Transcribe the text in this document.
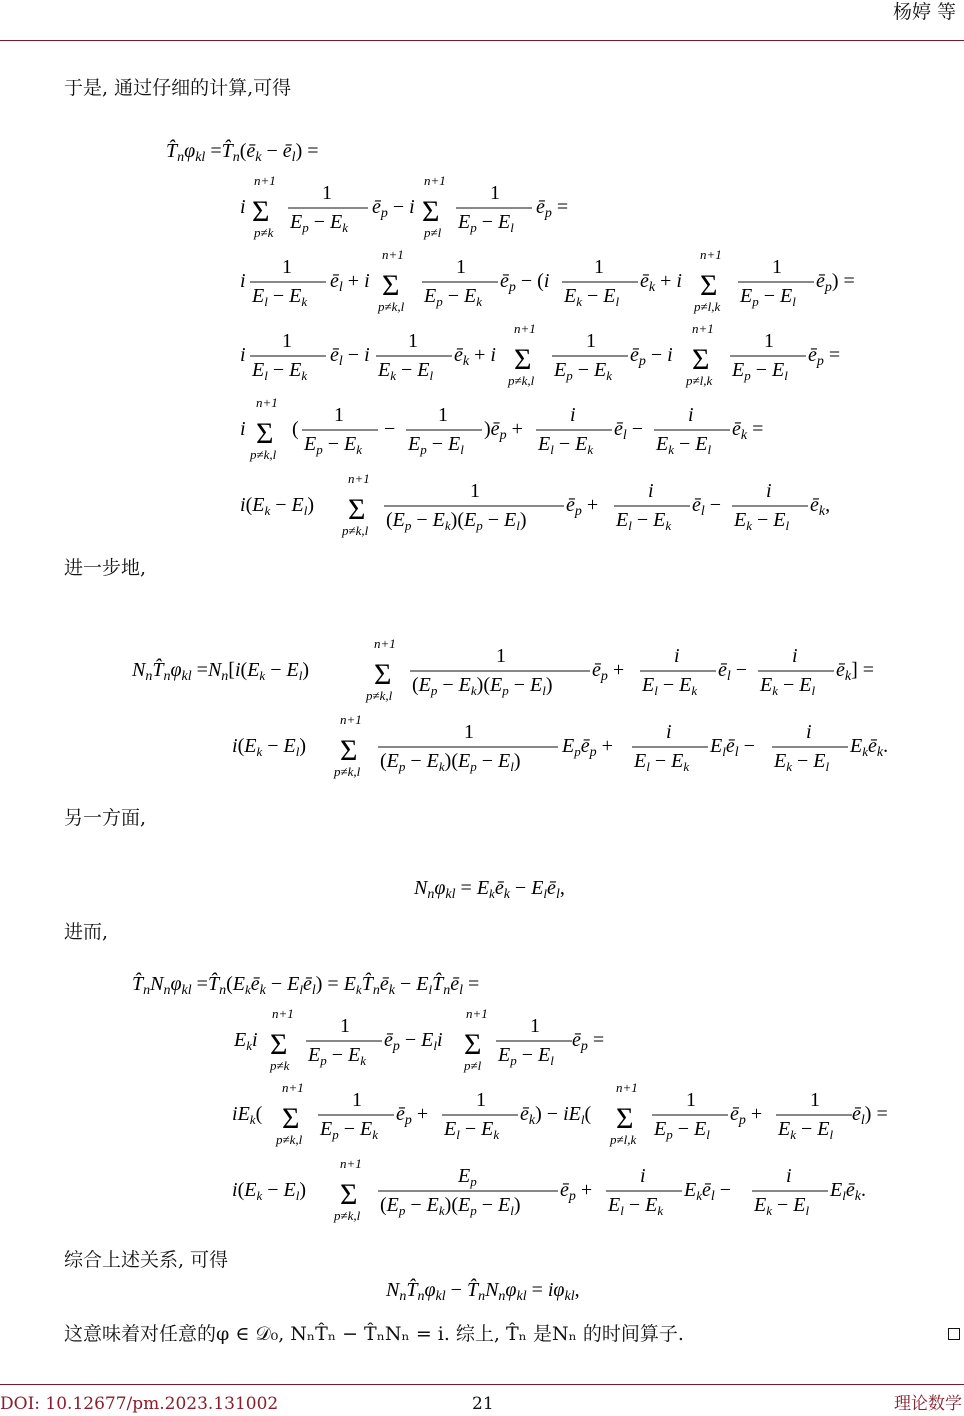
杨婷 等
于是, 通过仔细的计算,可得
$T̂_n\varphi_{kl}$ $=T̂_n(ē_k$ − $ē_l$) =
i
n+1
Σ
p≠k
1
$E_p - E_k$
$ē_p - i$
n+1
Σ
p≠l
1
$E_p - E_l$
$ē_p$ =
i
1
$E_l - E_k$
$ē_l + i$
n+1
Σ
p≠k,l
1
$E_p - E_k$
$ē_p - (i$
1
$E_k - E_l$
$ē_k + i$
n+1
Σ
p≠l,k
1
$E_p - E_l$
$ē_p$) =
i
1
$E_l - E_k$
$ē_l - i$
1
$E_k - E_l$
$ē_k + i$
n+1
Σ
p≠k,l
1
$E_p - E_k$
$ē_p - i$
n+1
Σ
p≠l,k
1
$E_p - E_l$
$ē_p$ =
i
n+1
Σ
p≠k,l
(
1
$E_p - E_k$
−
1
$E_p - E_l$
)$ē_p$ +
i
$E_l - E_k$
$ē_l$ −
i
$E_k - E_l$
$ē_k$ =
$i(E_k - E_l)$
n+1
Σ
p≠k,l
1
$(E_p - E_k)(E_p - E_l)$
$ē_p$ +
i
$E_l - E_k$
$ē_l$ −
i
$E_k - E_l$
$ē_k$,
进一步地,
$N_nT̂_n\varphi_{kl} =N_n[i(E_k - E_l)$
n+1
Σ
p≠k,l
1
$(E_p - E_k)(E_p - E_l)$
$ē_p$ +
i
$E_l - E_k$
$ē_l$ −
i
$E_k - E_l$
$ē_k$] =
$i(E_k - E_l)$
n+1
Σ
p≠k,l
1
$(E_p - E_k)(E_p - E_l)$
$E_pē_p$ +
i
$E_l - E_k$
$E_lē_l$ −
i
$E_k - E_l$
$E_kē_k$.
另一方面,
$N_n\varphi_{kl}$ = $E_kē_k$ − $E_lē_l$,
进而,
$T̂_nN_n\varphi_{kl}$ $=T̂_n(E_kē_k$ − $E_lē_l$) = $E_kT̂_nē_k$ − $E_lT̂_nē_l$ =
$E_ki$
n+1
Σ
p≠k
1
$E_p - E_k$
$ē_p - E_li$
n+1
Σ
p≠l
1
$E_p - E_l$
$ē_p$ =
$iE_k$(
n+1
Σ
p≠k,l
1
$E_p - E_k$
$ē_p$ +
1
$E_l - E_k$
$ē_k) - iE_l$(
n+1
Σ
p≠l,k
1
$E_p - E_l$
$ē_p$ +
1
$E_k - E_l$
$ē_l$) =
$i(E_k - E_l)$
n+1
Σ
p≠k,l
$E_p$
$(E_p - E_k)(E_p - E_l)$
$ē_p$ +
i
$E_l - E_k$
$E_kē_l$ −
i
$E_k - E_l$
$E_lē_k$.
综合上述关系, 可得
$N_nT̂_n\varphi_{kl}$ − $T̂_nN_n\varphi_{kl} = i\varphi_{kl}$,
这意味着对任意的φ ∈ 𝒟₀, NₙT̂ₙ − T̂ₙNₙ = i. 综上, T̂ₙ 是Nₙ 的时间算子.
DOI: 10.12677/pm.2023.131002	21	理论数学
